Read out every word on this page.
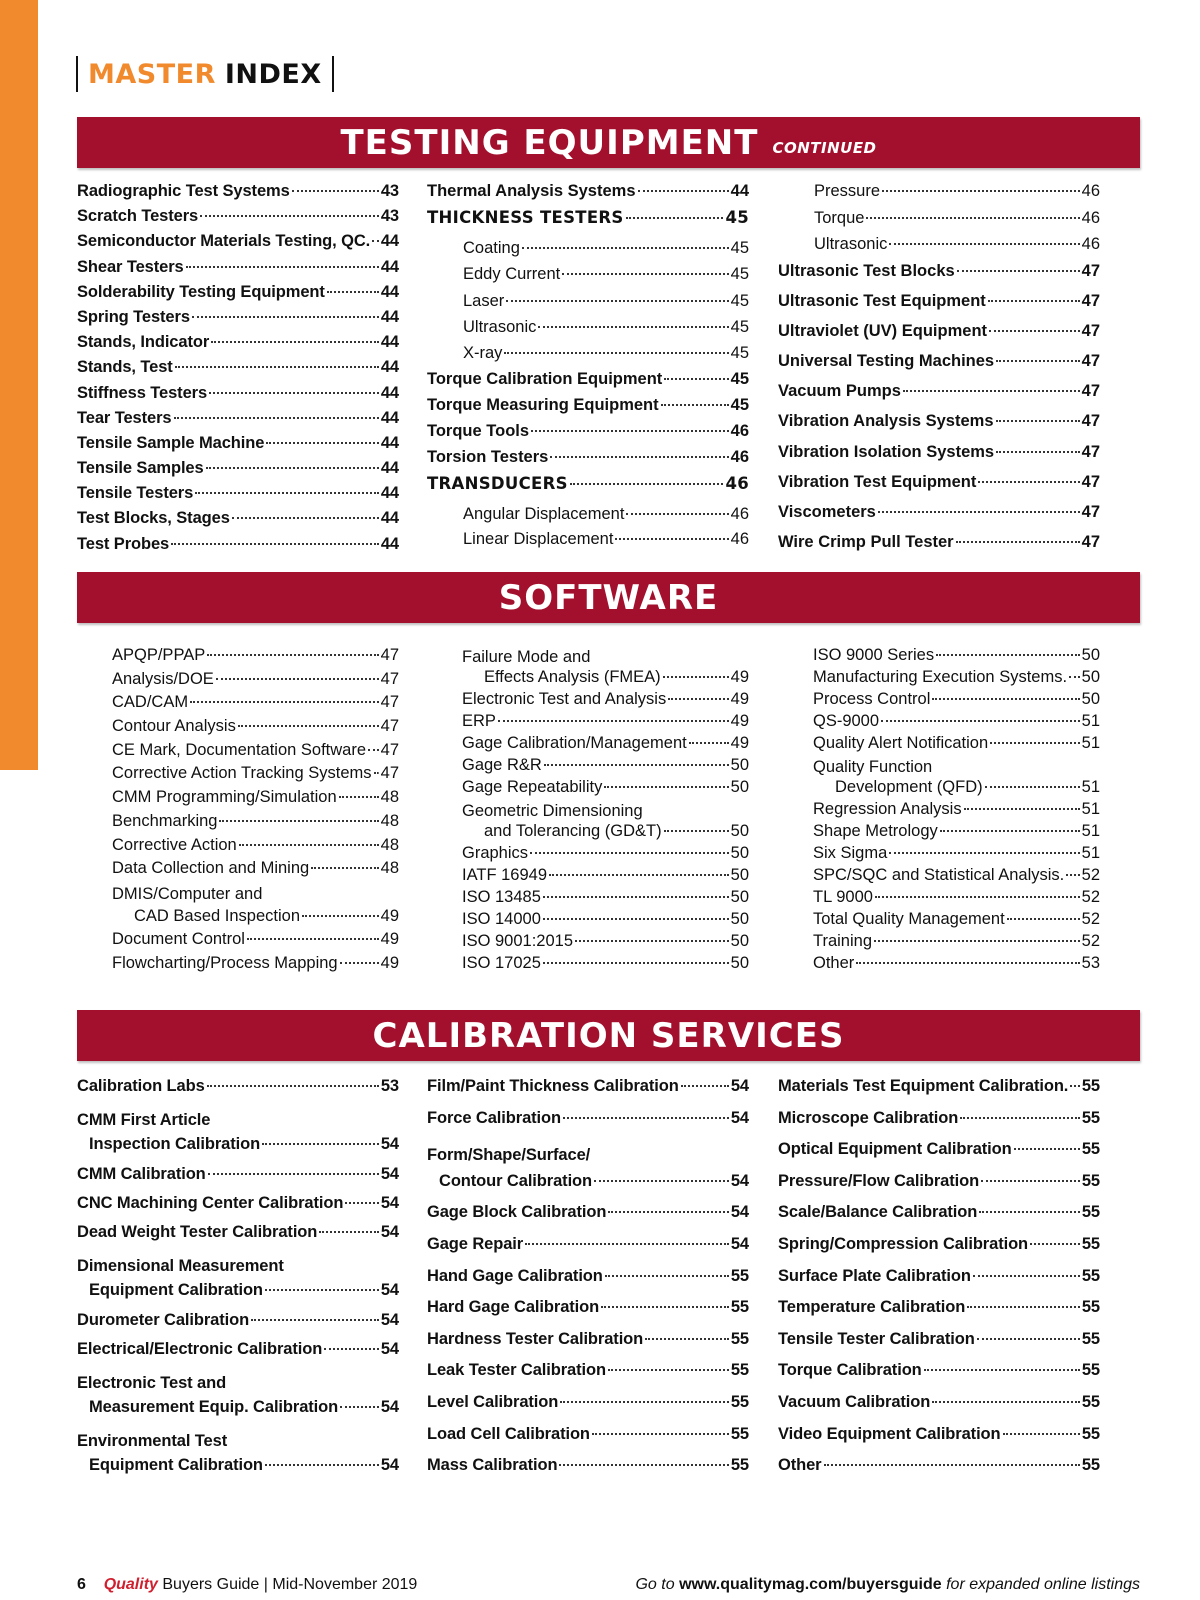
MASTER INDEX
TESTING EQUIPMENT CONTINUED
Radiographic Test Systems	43
Scratch Testers	43
Semiconductor Materials Testing, QC. 44
Shear Testers	44
Solderability Testing Equipment	44
Spring Testers	44
Stands, Indicator	44
Stands, Test	44
Stiffness Testers	44
Tear Testers	44
Tensile Sample Machine	44
Tensile Samples	44
Tensile Testers	44
Test Blocks, Stages	44
Test Probes	44
Thermal Analysis Systems	44
THICKNESS TESTERS	45
Coating	45
Eddy Current	45
Laser	45
Ultrasonic	45
X-ray	45
Torque Calibration Equipment	45
Torque Measuring Equipment	45
Torque Tools	46
Torsion Testers	46
TRANSDUCERS	46
Angular Displacement	46
Linear Displacement	46
Pressure	46
Torque	46
Ultrasonic	46
Ultrasonic Test Blocks	47
Ultrasonic Test Equipment	47
Ultraviolet (UV) Equipment	47
Universal Testing Machines	47
Vacuum Pumps	47
Vibration Analysis Systems	47
Vibration Isolation Systems	47
Vibration Test Equipment	47
Viscometers	47
Wire Crimp Pull Tester	47
SOFTWARE
APQP/PPAP	47
Analysis/DOE	47
CAD/CAM	47
Contour Analysis	47
CE Mark, Documentation Software 47
Corrective Action Tracking Systems 47
CMM Programming/Simulation	48
Benchmarking	48
Corrective Action	48
Data Collection and Mining	48
DMIS/Computer and
CAD Based Inspection	49
Document Control	49
Flowcharting/Process Mapping	49
Failure Mode and
Effects Analysis (FMEA)	49
Electronic Test and Analysis	49
ERP	49
Gage Calibration/Management	49
Gage R&R	50
Gage Repeatability	50
Geometric Dimensioning
and Tolerancing (GD&T)	50
Graphics	50
IATF 16949	50
ISO 13485	50
ISO 14000	50
ISO 9001:2015	50
ISO 17025	50
ISO 9000 Series	50
Manufacturing Execution Systems. 50
Process Control	50
QS-9000	51
Quality Alert Notification	51
Quality Function
Development (QFD)	51
Regression Analysis	51
Shape Metrology	51
Six Sigma	51
SPC/SQC and Statistical Analysis. 52
TL 9000	52
Total Quality Management	52
Training	52
Other	53
CALIBRATION SERVICES
Calibration Labs	53
CMM First Article
Inspection Calibration	54
CMM Calibration	54
CNC Machining Center Calibration 54
Dead Weight Tester Calibration	54
Dimensional Measurement
Equipment Calibration	54
Durometer Calibration	54
Electrical/Electronic Calibration	54
Electronic Test and
Measurement Equip. Calibration	54
Environmental Test
Equipment Calibration	54
Film/Paint Thickness Calibration	54
Force Calibration	54
Form/Shape/Surface/
Contour Calibration	54
Gage Block Calibration	54
Gage Repair	54
Hand Gage Calibration	55
Hard Gage Calibration	55
Hardness Tester Calibration	55
Leak Tester Calibration	55
Level Calibration	55
Load Cell Calibration	55
Mass Calibration	55
Materials Test Equipment Calibration. 55
Microscope Calibration	55
Optical Equipment Calibration	55
Pressure/Flow Calibration	55
Scale/Balance Calibration	55
Spring/Compression Calibration	55
Surface Plate Calibration	55
Temperature Calibration	55
Tensile Tester Calibration	55
Torque Calibration	55
Vacuum Calibration	55
Video Equipment Calibration	55
Other	55
6 Quality Buyers Guide | Mid-November 2019	Go to www.qualitymag.com/buyersguide for expanded online listings
